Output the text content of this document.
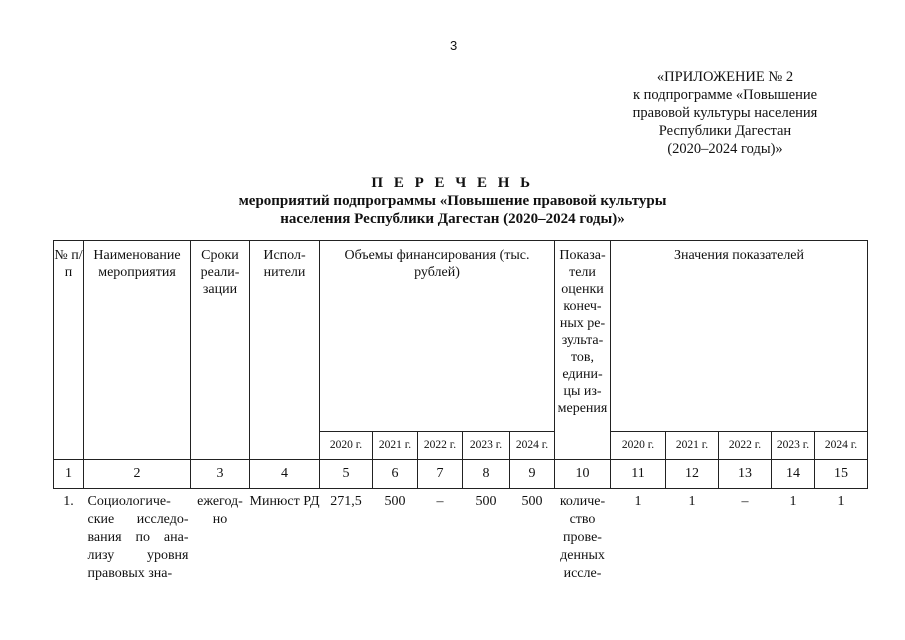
3
«ПРИЛОЖЕНИЕ № 2
к подпрограмме «Повышение
правовой культуры населения
Республики Дагестан
(2020–2024 годы)»
П Е Р Е Ч Е Н Ь
мероприятий подпрограммы «Повышение правовой культуры
населения Республики Дагестан (2020–2024 годы)»
№ п/п	Наименование мероприятия	Сроки реали-зации	Испол-нители	Объемы финансирования (тыс. рублей)					Показа-тели оценки конеч-ных ре-зульта-тов, едини-цы из-мерения	Значения показателей				
				2020 г.	2021 г.	2022 г.	2023 г.	2024 г.		2020 г.	2021 г.	2022 г.	2023 г.	2024 г.
1	2	3	4	5	6	7	8	9	10	11	12	13	14	15
1.	Социологиче-ские исследо-вания по ана-лизу уровня правовых зна-	ежегод-но	Минюст РД	271,5	500	–	500	500	количе-ство прове-денных иссле-	1	1	–	1	1
